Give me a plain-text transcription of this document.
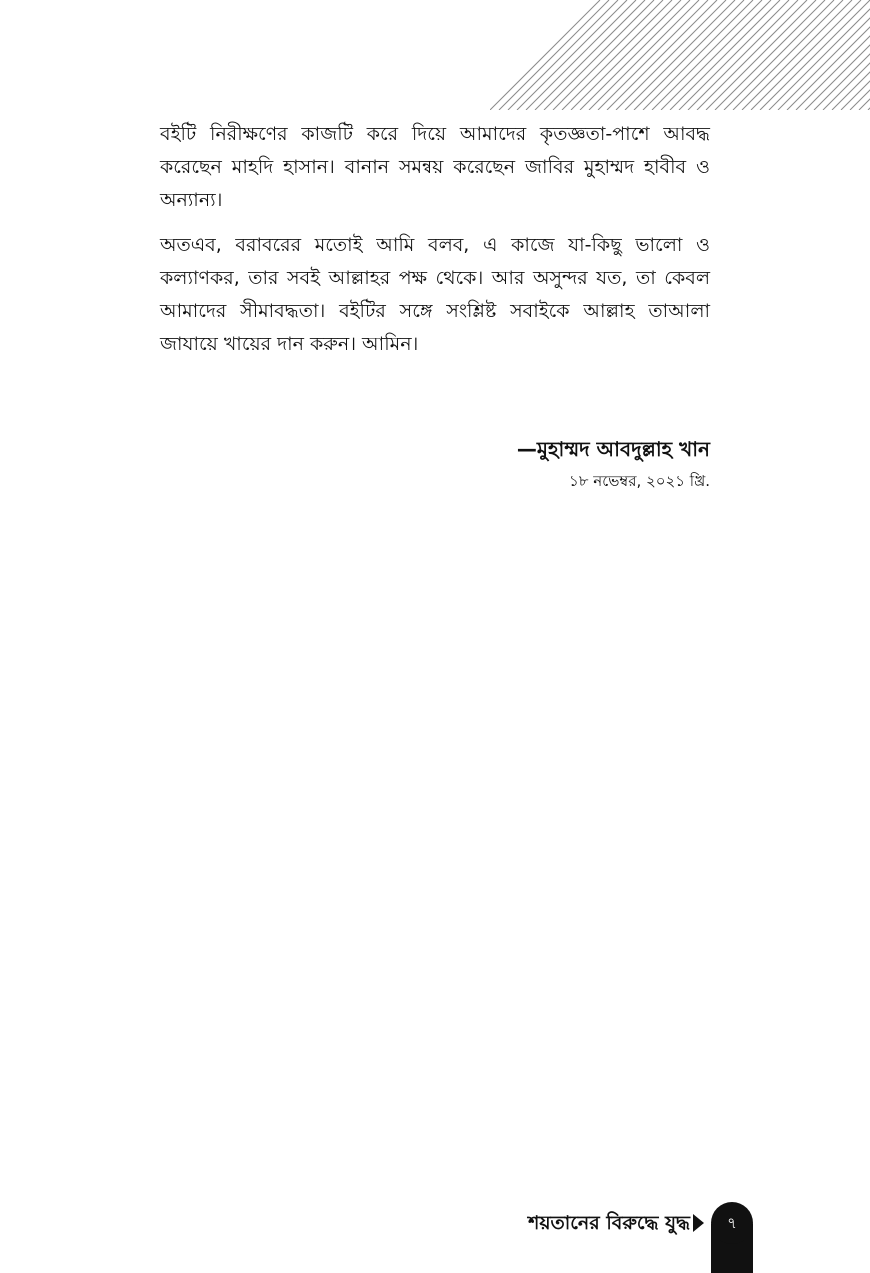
বইটি নিরীক্ষণের কাজটি করে দিয়ে আমাদের কৃতজ্ঞতা-পাশে আবদ্ধ করেছেন মাহদি হাসান। বানান সমন্বয় করেছেন জাবির মুহাম্মদ হাবীব ও অন্যান্য।

অতএব, বরাবরের মতোই আমি বলব, এ কাজে যা-কিছু ভালো ও কল্যাণকর, তার সবই আল্লাহর পক্ষ থেকে। আর অসুন্দর যত, তা কেবল আমাদের সীমাবদ্ধতা। বইটির সঙ্গে সংশ্লিষ্ট সবাইকে আল্লাহ তাআলা জাযায়ে খায়ের দান করুন। আমিন।

—মুহাম্মদ আবদুল্লাহ খান
১৮ নভেম্বর, ২০২১ খ্রি.
শয়তানের বিরুদ্ধে যুদ্ধ	৭
